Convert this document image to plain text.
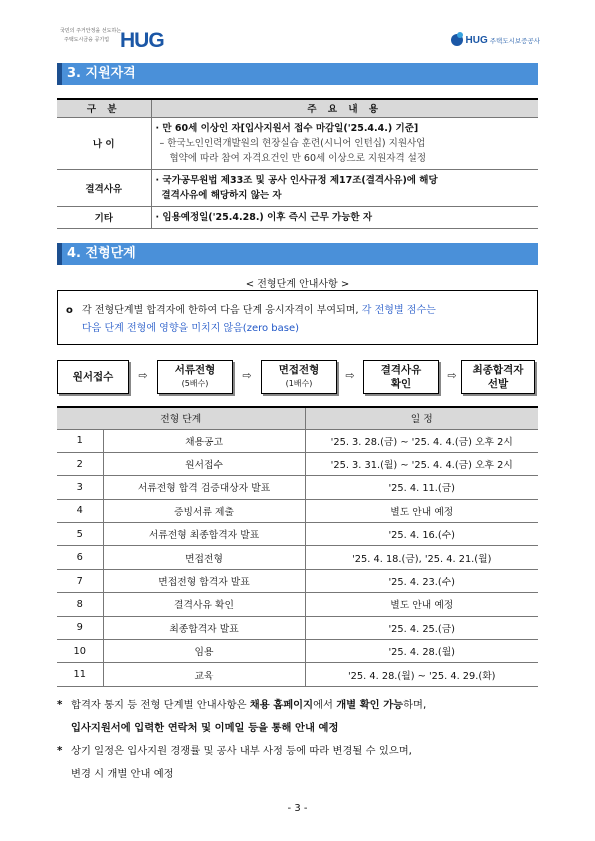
국민의 주거안정을 선도하는
주택도시금융 공기업 HUG	HUG 주택도시보증공사
3. 지원자격
구 분	주 요 내 용
나 이	· 만 60세 이상인 자[입사지원서 접수 마감일('25.4.4.) 기준]
– 한국노인인력개발원의 현장실습 훈련(시니어 인턴십) 지원사업
협약에 따라 참여 자격요건인 만 60세 이상으로 지원자격 설정

결격사유	· 국가공무원법 제33조 및 공사 인사규정 제17조(결격사유)에 해당
결격사유에 해당하지 않는 자

기타	· 임용예정일('25.4.28.) 이후 즉시 근무 가능한 자
4. 전형단계
< 전형단계 안내사항 >
o 각 전형단계별 합격자에 한하여 다음 단계 응시자격이 부여되며, 각 전형별 점수는
다음 단계 전형에 영향을 미치지 않음(zero base)
원서접수 ⇨	서류전형
(5배수)
⇨	면접전형
(1배수)
⇨ 결격사유
확인
⇨ 최종합격자
선발
전형 단계		일 정
1	채용공고	'25. 3. 28.(금) ~ '25. 4. 4.(금) 오후 2시
2	원서접수	'25. 3. 31.(월) ~ '25. 4. 4.(금) 오후 2시
3	서류전형 합격 검증대상자 발표	'25. 4. 11.(금)
4	증빙서류 제출	별도 안내 예정
5	서류전형 최종합격자 발표	'25. 4. 16.(수)
6	면접전형	'25. 4. 18.(금), '25. 4. 21.(월)
7	면접전형 합격자 발표	'25. 4. 23.(수)
8	결격사유 확인	별도 안내 예정
9	최종합격자 발표	'25. 4. 25.(금)
10	임용	'25. 4. 28.(월)
11	교육	'25. 4. 28.(월) ~ '25. 4. 29.(화)
* 합격자 통지 등 전형 단계별 안내사항은 채용 홈페이지에서 개별 확인 가능하며,
입사지원서에 입력한 연락처 및 이메일 등을 통해 안내 예정
* 상기 일정은 입사지원 경쟁률 및 공사 내부 사정 등에 따라 변경될 수 있으며,
변경 시 개별 안내 예정
- 3 -
